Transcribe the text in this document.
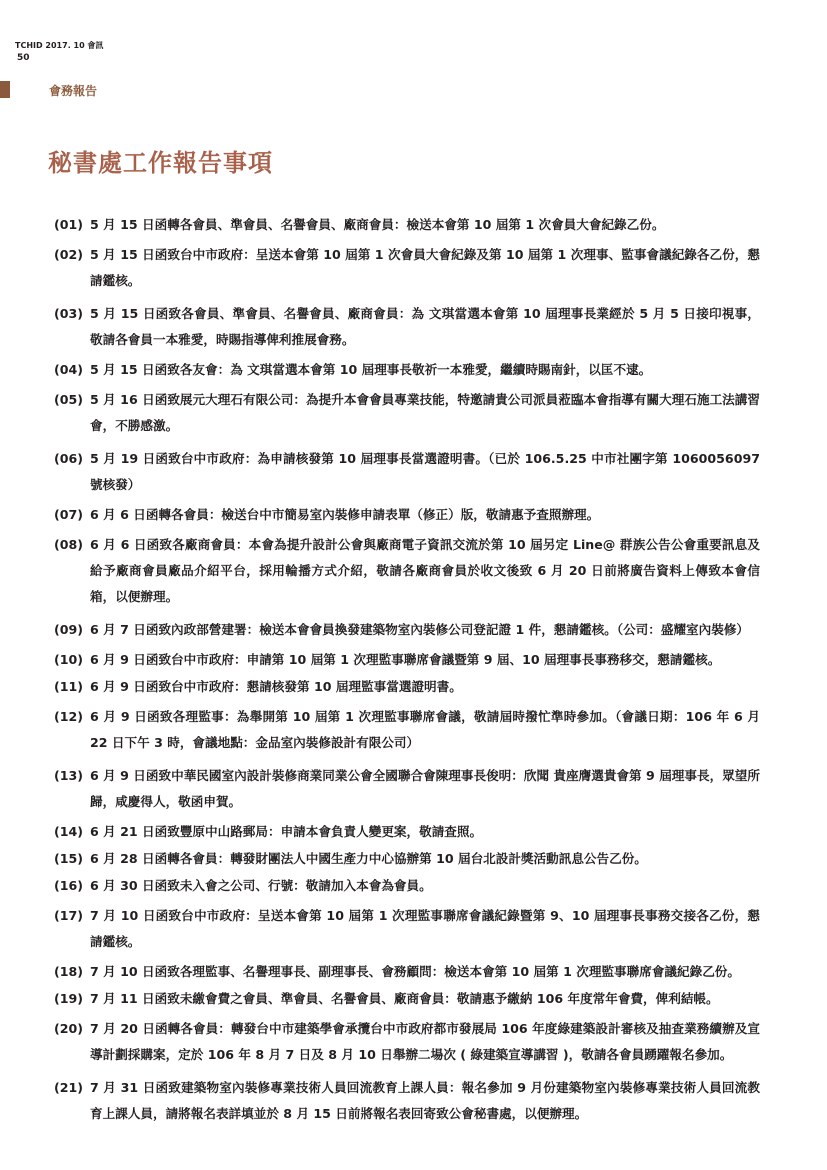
TCHID 2017. 10 會訊
50
會務報告
秘書處工作報告事項
(01) 5 月 15 日函轉各會員、準會員、名譽會員、廠商會員：檢送本會第 10 屆第 1 次會員大會紀錄乙份。
(02) 5 月 15 日函致台中市政府：呈送本會第 10 屆第 1 次會員大會紀錄及第 10 屆第 1 次理事、監事會議紀錄各乙份，懇請鑑核。
(03) 5 月 15 日函致各會員、準會員、名譽會員、廠商會員：為 文琪當選本會第 10 屆理事長業經於 5 月 5 日接印視事，敬請各會員一本雅愛，時賜指導俾利推展會務。
(04) 5 月 15 日函致各友會：為 文琪當選本會第 10 屆理事長敬祈一本雅愛，繼續時賜南針，以匡不逮。
(05) 5 月 16 日函致展元大理石有限公司：為提升本會會員專業技能，特邀請貴公司派員蒞臨本會指導有關大理石施工法講習會，不勝感激。
(06) 5 月 19 日函致台中市政府：為申請核發第 10 屆理事長當選證明書。（已於 106.5.25 中市社團字第 1060056097 號核發）
(07) 6 月 6 日函轉各會員：檢送台中市簡易室內裝修申請表單（修正）版，敬請惠予查照辦理。
(08) 6 月 6 日函致各廠商會員：本會為提升設計公會與廠商電子資訊交流於第 10 屆另定 Line@ 群族公告公會重要訊息及給予廠商會員廠品介紹平台，採用輪播方式介紹，敬請各廠商會員於收文後致 6 月 20 日前將廣告資料上傳致本會信箱，以便辦理。
(09) 6 月 7 日函致內政部營建署：檢送本會會員換發建築物室內裝修公司登記證 1 件，懇請鑑核。（公司：盛耀室內裝修）
(10) 6 月 9 日函致台中市政府：申請第 10 屆第 1 次理監事聯席會議暨第 9 屆、10 屆理事長事務移交，懇請鑑核。
(11) 6 月 9 日函致台中市政府：懇請核發第 10 屆理監事當選證明書。
(12) 6 月 9 日函致各理監事：為舉開第 10 屆第 1 次理監事聯席會議，敬請屆時撥忙準時參加。（會議日期：106 年 6 月 22 日下午 3 時，會議地點：金品室內裝修設計有限公司）
(13) 6 月 9 日函致中華民國室內設計裝修商業同業公會全國聯合會陳理事長俊明：欣聞 貴座膺選貴會第 9 屆理事長，眾望所歸，咸慶得人，敬函申賀。
(14) 6 月 21 日函致豐原中山路郵局：申請本會負責人變更案，敬請查照。
(15) 6 月 28 日函轉各會員：轉發財團法人中國生產力中心協辦第 10 屆台北設計獎活動訊息公告乙份。
(16) 6 月 30 日函致未入會之公司、行號：敬請加入本會為會員。
(17) 7 月 10 日函致台中市政府：呈送本會第 10 屆第 1 次理監事聯席會議紀錄暨第 9、10 屆理事長事務交接各乙份，懇請鑑核。
(18) 7 月 10 日函致各理監事、名譽理事長、副理事長、會務顧問：檢送本會第 10 屆第 1 次理監事聯席會議紀錄乙份。
(19) 7 月 11 日函致未繳會費之會員、準會員、名譽會員、廠商會員：敬請惠予繳納 106 年度常年會費，俾利結帳。
(20) 7 月 20 日函轉各會員：轉發台中市建築學會承攬台中市政府都市發展局 106 年度綠建築設計審核及抽查業務續辦及宣導計劃採購案，定於 106 年 8 月 7 日及 8 月 10 日舉辦二場次 ( 綠建築宣導講習 )，敬請各會員踴躍報名參加。
(21) 7 月 31 日函致建築物室內裝修專業技術人員回流教育上課人員：報名參加 9 月份建築物室內裝修專業技術人員回流教育上課人員，請將報名表詳填並於 8 月 15 日前將報名表回寄致公會秘書處，以便辦理。
